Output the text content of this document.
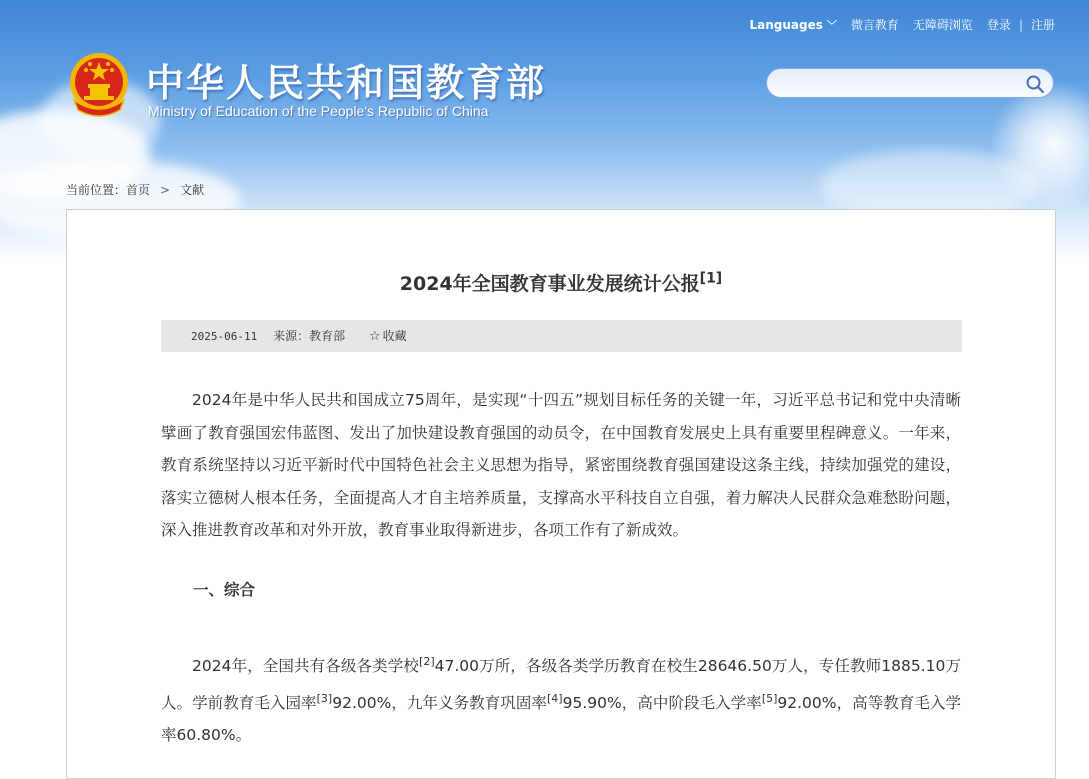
Languages ﹀ 微言教育 无障碍浏览 登录 | 注册
中华人民共和国教育部
Ministry of Education of the People's Republic of China
当前位置：首页 > 文献
2024年全国教育事业发展统计公报[1]
2025-06-11 来源：教育部 ☆ 收藏
2024年是中华人民共和国成立75周年，是实现“十四五”规划目标任务的关键一年，习近平总书记和党中央清晰擘画了教育强国宏伟蓝图、发出了加快建设教育强国的动员令，在中国教育发展史上具有重要里程碑意义。一年来，教育系统坚持以习近平新时代中国特色社会主义思想为指导，紧密围绕教育强国建设这条主线，持续加强党的建设，落实立德树人根本任务，全面提高人才自主培养质量，支撑高水平科技自立自强，着力解决人民群众急难愁盼问题，深入推进教育改革和对外开放，教育事业取得新进步，各项工作有了新成效。
一、综合
2024年，全国共有各级各类学校[2]47.00万所，各级各类学历教育在校生28646.50万人，专任教师1885.10万人。学前教育毛入园率[3]92.00%，九年义务教育巩固率[4]95.90%，高中阶段毛入学率[5]92.00%，高等教育毛入学率60.80%。
